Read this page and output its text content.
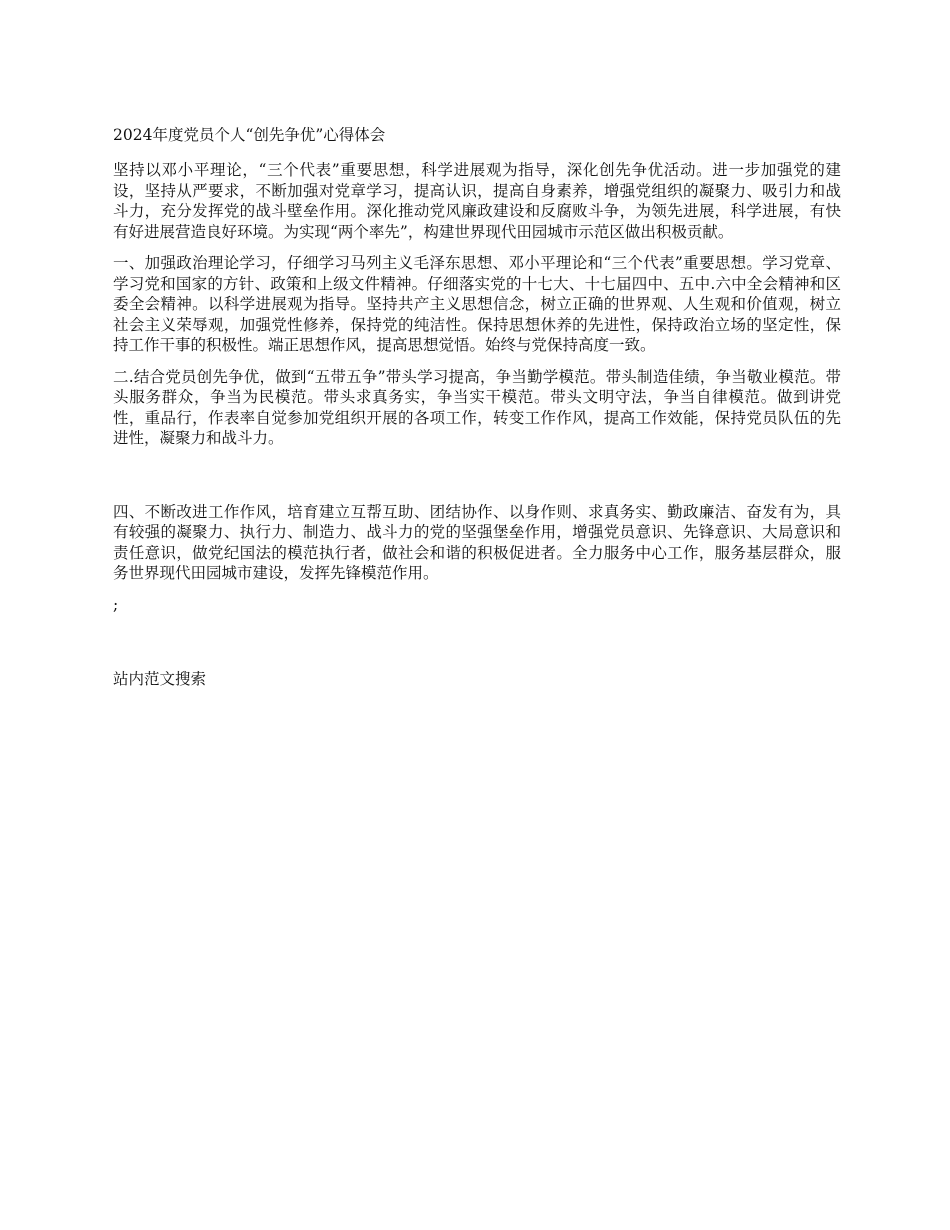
2024年度党员个人“创先争优”心得体会

坚持以邓小平理论，“三个代表”重要思想，科学进展观为指导，深化创先争优活动。进一步加强党的建设，坚持从严要求，不断加强对党章学习，提高认识，提高自身素养，增强党组织的凝聚力、吸引力和战斗力，充分发挥党的战斗壁垒作用。深化推动党风廉政建设和反腐败斗争，为领先进展，科学进展，有快有好进展营造良好环境。为实现“两个率先”，构建世界现代田园城市示范区做出积极贡献。

一、加强政治理论学习，仔细学习马列主义毛泽东思想、邓小平理论和“三个代表”重要思想。学习党章、学习党和国家的方针、政策和上级文件精神。仔细落实党的十七大、十七届四中、五中.六中全会精神和区委全会精神。以科学进展观为指导。坚持共产主义思想信念，树立正确的世界观、人生观和价值观，树立社会主义荣辱观，加强党性修养，保持党的纯洁性。保持思想休养的先进性，保持政治立场的坚定性，保持工作干事的积极性。端正思想作风，提高思想觉悟。始终与党保持高度一致。

二.结合党员创先争优，做到“五带五争”带头学习提高，争当勤学模范。带头制造佳绩，争当敬业模范。带头服务群众，争当为民模范。带头求真务实，争当实干模范。带头文明守法，争当自律模范。做到讲党性，重品行，作表率自觉参加党组织开展的各项工作，转变工作作风，提高工作效能，保持党员队伍的先进性，凝聚力和战斗力。

四、不断改进工作作风，培育建立互帮互助、团结协作、以身作则、求真务实、勤政廉洁、奋发有为，具有较强的凝聚力、执行力、制造力、战斗力的党的坚强堡垒作用，增强党员意识、先锋意识、大局意识和责任意识，做党纪国法的模范执行者，做社会和谐的积极促进者。全力服务中心工作，服务基层群众，服务世界现代田园城市建设，发挥先锋模范作用。

;
站内范文搜索
